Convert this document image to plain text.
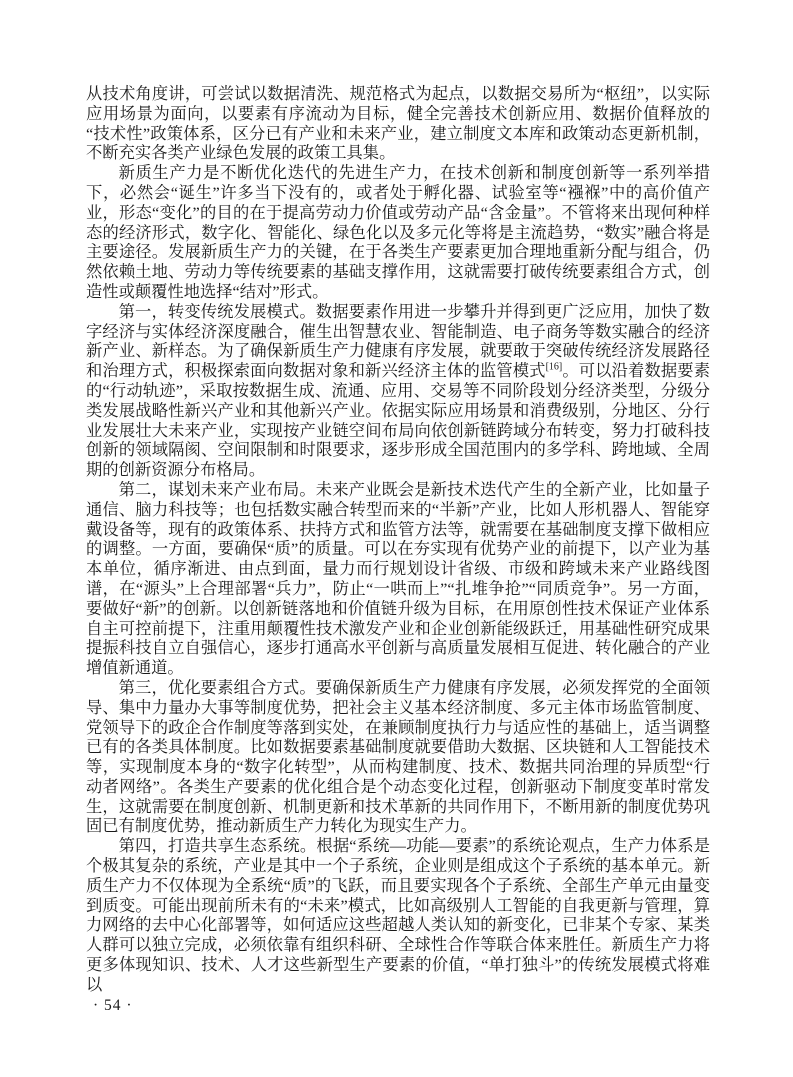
从技术角度讲，可尝试以数据清洗、规范格式为起点，以数据交易所为“枢纽”，以实际应用场景为面向，以要素有序流动为目标，健全完善技术创新应用、数据价值释放的“技术性”政策体系，区分已有产业和未来产业，建立制度文本库和政策动态更新机制，不断充实各类产业绿色发展的政策工具集。

新质生产力是不断优化迭代的先进生产力，在技术创新和制度创新等一系列举措下，必然会“诞生”许多当下没有的，或者处于孵化器、试验室等“襁褓”中的高价值产业，形态“变化”的目的在于提高劳动力价值或劳动产品“含金量”。不管将来出现何种样态的经济形式，数字化、智能化、绿色化以及多元化等将是主流趋势，“数实”融合将是主要途径。发展新质生产力的关键，在于各类生产要素更加合理地重新分配与组合，仍然依赖土地、劳动力等传统要素的基础支撑作用，这就需要打破传统要素组合方式，创造性或颠覆性地选择“结对”形式。

第一，转变传统发展模式。数据要素作用进一步攀升并得到更广泛应用，加快了数字经济与实体经济深度融合，催生出智慧农业、智能制造、电子商务等数实融合的经济新产业、新样态。为了确保新质生产力健康有序发展，就要敢于突破传统经济发展路径和治理方式，积极探索面向数据对象和新兴经济主体的监管模式[16]。可以沿着数据要素的“行动轨迹”，采取按数据生成、流通、应用、交易等不同阶段划分经济类型，分级分类发展战略性新兴产业和其他新兴产业。依据实际应用场景和消费级别，分地区、分行业发展壮大未来产业，实现按产业链空间布局向依创新链跨域分布转变，努力打破科技创新的领域隔阂、空间限制和时限要求，逐步形成全国范围内的多学科、跨地域、全周期的创新资源分布格局。

第二，谋划未来产业布局。未来产业既会是新技术迭代产生的全新产业，比如量子通信、脑力科技等；也包括数实融合转型而来的“半新”产业，比如人形机器人、智能穿戴设备等，现有的政策体系、扶持方式和监管方法等，就需要在基础制度支撑下做相应的调整。一方面，要确保“质”的质量。可以在夯实现有优势产业的前提下，以产业为基本单位，循序渐进、由点到面，量力而行规划设计省级、市级和跨域未来产业路线图谱，在“源头”上合理部署“兵力”，防止“一哄而上”“扎堆争抢”“同质竞争”。另一方面，要做好“新”的创新。以创新链落地和价值链升级为目标，在用原创性技术保证产业体系自主可控前提下，注重用颠覆性技术激发产业和企业创新能级跃迁，用基础性研究成果提振科技自立自强信心，逐步打通高水平创新与高质量发展相互促进、转化融合的产业增值新通道。

第三，优化要素组合方式。要确保新质生产力健康有序发展，必须发挥党的全面领导、集中力量办大事等制度优势，把社会主义基本经济制度、多元主体市场监管制度、党领导下的政企合作制度等落到实处，在兼顾制度执行力与适应性的基础上，适当调整已有的各类具体制度。比如数据要素基础制度就要借助大数据、区块链和人工智能技术等，实现制度本身的“数字化转型”，从而构建制度、技术、数据共同治理的异质型“行动者网络”。各类生产要素的优化组合是个动态变化过程，创新驱动下制度变革时常发生，这就需要在制度创新、机制更新和技术革新的共同作用下，不断用新的制度优势巩固已有制度优势，推动新质生产力转化为现实生产力。

第四，打造共享生态系统。根据“系统—功能—要素”的系统论观点，生产力体系是个极其复杂的系统，产业是其中一个子系统，企业则是组成这个子系统的基本单元。新质生产力不仅体现为全系统“质”的飞跃，而且要实现各个子系统、全部生产单元由量变到质变。可能出现前所未有的“未来”模式，比如高级别人工智能的自我更新与管理，算力网络的去中心化部署等，如何适应这些超越人类认知的新变化，已非某个专家、某类人群可以独立完成，必须依靠有组织科研、全球性合作等联合体来胜任。新质生产力将更多体现知识、技术、人才这些新型生产要素的价值，“单打独斗”的传统发展模式将难以

· 54 ·
